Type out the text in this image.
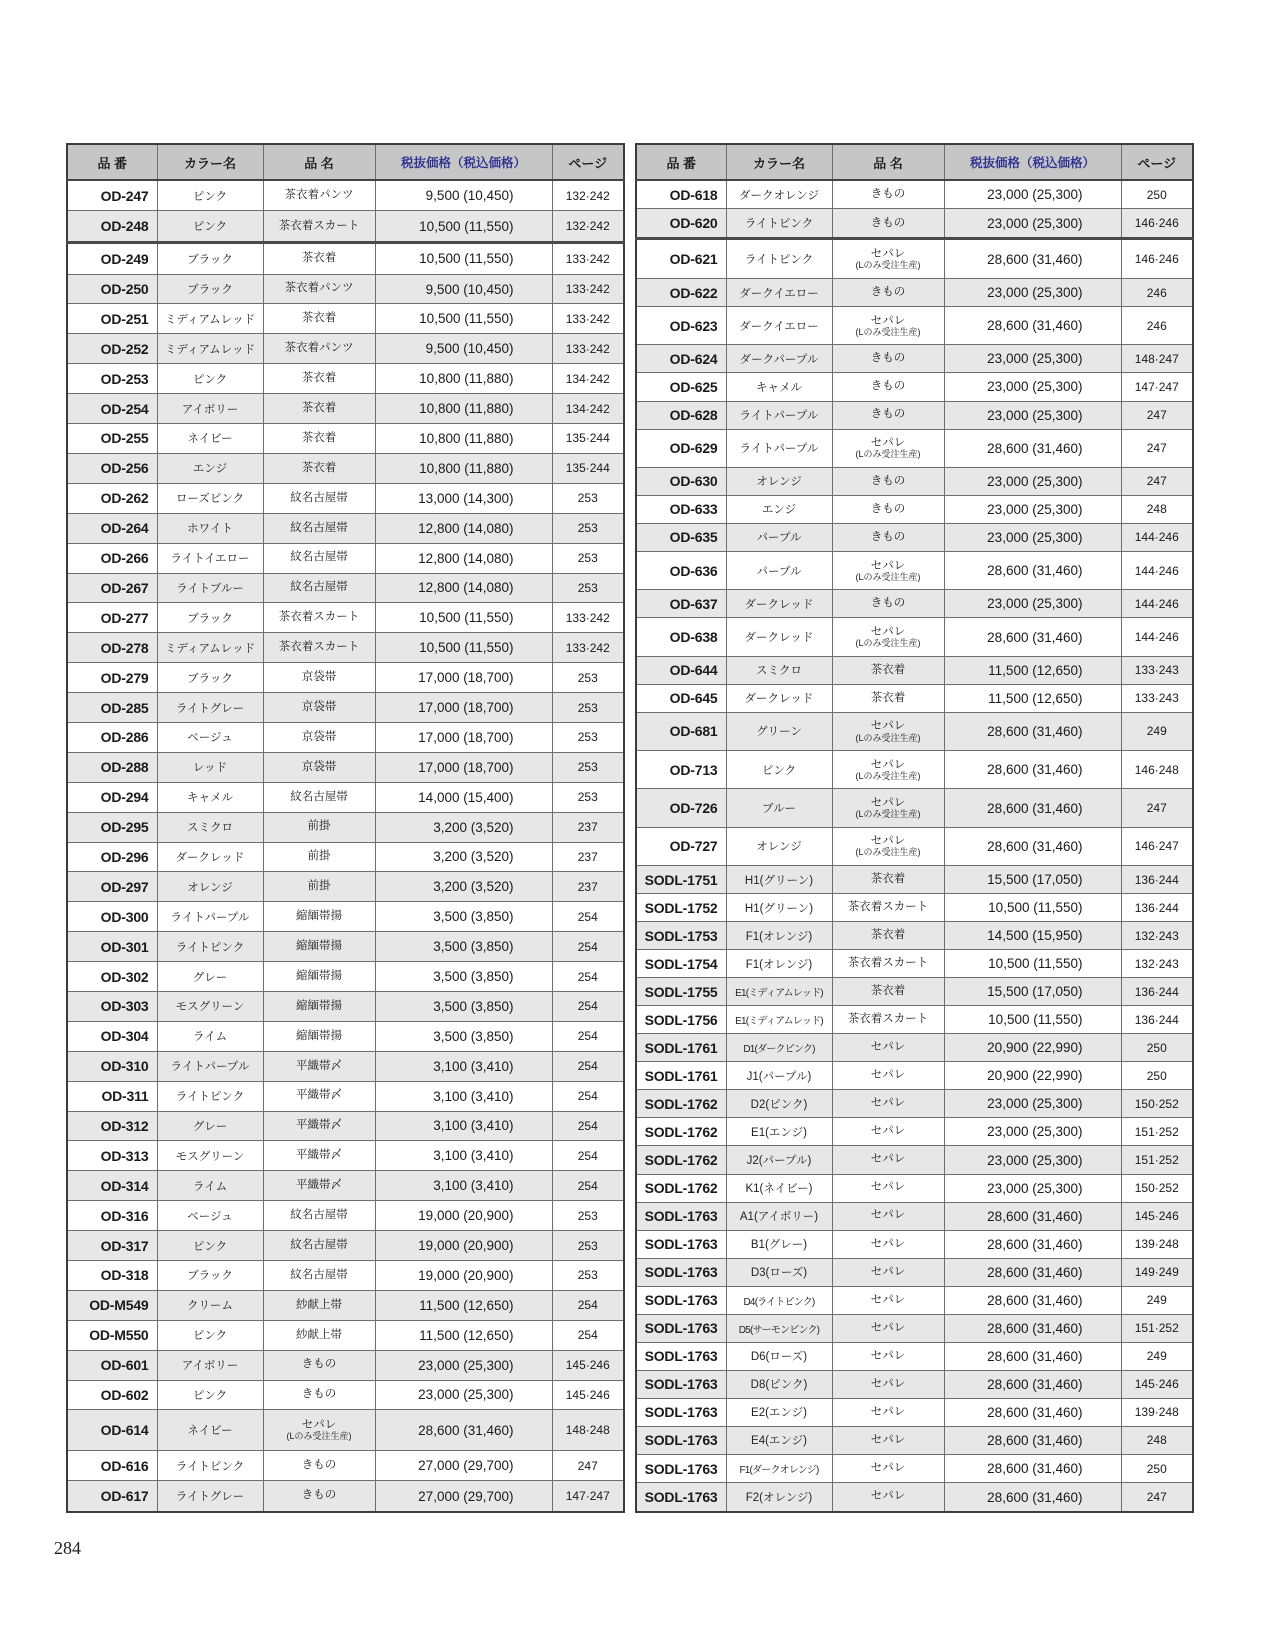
品 番	カラー名	品 名	税抜価格（税込価格）	ページ
OD-247	ピンク	茶衣着パンツ	9,500 (10,450)	132·242
OD-248	ピンク	茶衣着スカート	10,500 (11,550)	132·242
OD-249	ブラック	茶衣着	10,500 (11,550)	133·242
OD-250	ブラック	茶衣着パンツ	9,500 (10,450)	133·242
OD-251	ミディアムレッド	茶衣着	10,500 (11,550)	133·242
OD-252	ミディアムレッド	茶衣着パンツ	9,500 (10,450)	133·242
OD-253	ピンク	茶衣着	10,800 (11,880)	134·242
OD-254	アイボリー	茶衣着	10,800 (11,880)	134·242
OD-255	ネイビー	茶衣着	10,800 (11,880)	135·244
OD-256	エンジ	茶衣着	10,800 (11,880)	135·244
OD-262	ローズピンク	紋名古屋帯	13,000 (14,300)	253
OD-264	ホワイト	紋名古屋帯	12,800 (14,080)	253
OD-266	ライトイエロー	紋名古屋帯	12,800 (14,080)	253
OD-267	ライトブルー	紋名古屋帯	12,800 (14,080)	253
OD-277	ブラック	茶衣着スカート	10,500 (11,550)	133·242
OD-278	ミディアムレッド	茶衣着スカート	10,500 (11,550)	133·242
OD-279	ブラック	京袋帯	17,000 (18,700)	253
OD-285	ライトグレー	京袋帯	17,000 (18,700)	253
OD-286	ベージュ	京袋帯	17,000 (18,700)	253
OD-288	レッド	京袋帯	17,000 (18,700)	253
OD-294	キャメル	紋名古屋帯	14,000 (15,400)	253
OD-295	スミクロ	前掛	3,200 (3,520)	237
OD-296	ダークレッド	前掛	3,200 (3,520)	237
OD-297	オレンジ	前掛	3,200 (3,520)	237
OD-300	ライトパープル	縮緬帯揚	3,500 (3,850)	254
OD-301	ライトピンク	縮緬帯揚	3,500 (3,850)	254
OD-302	グレー	縮緬帯揚	3,500 (3,850)	254
OD-303	モスグリーン	縮緬帯揚	3,500 (3,850)	254
OD-304	ライム	縮緬帯揚	3,500 (3,850)	254
OD-310	ライトパープル	平織帯〆	3,100 (3,410)	254
OD-311	ライトピンク	平織帯〆	3,100 (3,410)	254
OD-312	グレー	平織帯〆	3,100 (3,410)	254
OD-313	モスグリーン	平織帯〆	3,100 (3,410)	254
OD-314	ライム	平織帯〆	3,100 (3,410)	254
OD-316	ベージュ	紋名古屋帯	19,000 (20,900)	253
OD-317	ピンク	紋名古屋帯	19,000 (20,900)	253
OD-318	ブラック	紋名古屋帯	19,000 (20,900)	253
OD-M549	クリーム	紗献上帯	11,500 (12,650)	254
OD-M550	ピンク	紗献上帯	11,500 (12,650)	254
OD-601	アイボリー	きもの	23,000 (25,300)	145·246
OD-602	ピンク	きもの	23,000 (25,300)	145·246
OD-614	ネイビー	セパレ
(Lのみ受注生産)	28,600 (31,460)	148·248
OD-616	ライトピンク	きもの	27,000 (29,700)	247
OD-617	ライトグレー	きもの	27,000 (29,700)	147·247
品 番	カラー名	品 名	税抜価格（税込価格）	ページ
OD-618	ダークオレンジ	きもの	23,000 (25,300)	250
OD-620	ライトピンク	きもの	23,000 (25,300)	146·246
OD-621	ライトピンク	セパレ
(Lのみ受注生産)	28,600 (31,460)	146·246
OD-622	ダークイエロー	きもの	23,000 (25,300)	246
OD-623	ダークイエロー	セパレ
(Lのみ受注生産)	28,600 (31,460)	246
OD-624	ダークパープル	きもの	23,000 (25,300)	148·247
OD-625	キャメル	きもの	23,000 (25,300)	147·247
OD-628	ライトパープル	きもの	23,000 (25,300)	247
OD-629	ライトパープル	セパレ
(Lのみ受注生産)	28,600 (31,460)	247
OD-630	オレンジ	きもの	23,000 (25,300)	247
OD-633	エンジ	きもの	23,000 (25,300)	248
OD-635	パープル	きもの	23,000 (25,300)	144·246
OD-636	パープル	セパレ
(Lのみ受注生産)	28,600 (31,460)	144·246
OD-637	ダークレッド	きもの	23,000 (25,300)	144·246
OD-638	ダークレッド	セパレ
(Lのみ受注生産)	28,600 (31,460)	144·246
OD-644	スミクロ	茶衣着	11,500 (12,650)	133·243
OD-645	ダークレッド	茶衣着	11,500 (12,650)	133·243
OD-681	グリーン	セパレ
(Lのみ受注生産)	28,600 (31,460)	249
OD-713	ピンク	セパレ
(Lのみ受注生産)	28,600 (31,460)	146·248
OD-726	ブルー	セパレ
(Lのみ受注生産)	28,600 (31,460)	247
OD-727	オレンジ	セパレ
(Lのみ受注生産)	28,600 (31,460)	146·247
SODL-1751	H1(グリーン)	茶衣着	15,500 (17,050)	136·244
SODL-1752	H1(グリーン)	茶衣着スカート	10,500 (11,550)	136·244
SODL-1753	F1(オレンジ)	茶衣着	14,500 (15,950)	132·243
SODL-1754	F1(オレンジ)	茶衣着スカート	10,500 (11,550)	132·243
SODL-1755	E1(ミディアムレッド)	茶衣着	15,500 (17,050)	136·244
SODL-1756	E1(ミディアムレッド)	茶衣着スカート	10,500 (11,550)	136·244
SODL-1761	D1(ダークピンク)	セパレ	20,900 (22,990)	250
SODL-1761	J1(パープル)	セパレ	20,900 (22,990)	250
SODL-1762	D2(ピンク)	セパレ	23,000 (25,300)	150·252
SODL-1762	E1(エンジ)	セパレ	23,000 (25,300)	151·252
SODL-1762	J2(パープル)	セパレ	23,000 (25,300)	151·252
SODL-1762	K1(ネイビー)	セパレ	23,000 (25,300)	150·252
SODL-1763	A1(アイボリー)	セパレ	28,600 (31,460)	145·246
SODL-1763	B1(グレー)	セパレ	28,600 (31,460)	139·248
SODL-1763	D3(ローズ)	セパレ	28,600 (31,460)	149·249
SODL-1763	D4(ライトピンク)	セパレ	28,600 (31,460)	249
SODL-1763	D5(サーモンピンク)	セパレ	28,600 (31,460)	151·252
SODL-1763	D6(ローズ)	セパレ	28,600 (31,460)	249
SODL-1763	D8(ピンク)	セパレ	28,600 (31,460)	145·246
SODL-1763	E2(エンジ)	セパレ	28,600 (31,460)	139·248
SODL-1763	E4(エンジ)	セパレ	28,600 (31,460)	248
SODL-1763	F1(ダークオレンジ)	セパレ	28,600 (31,460)	250
SODL-1763	F2(オレンジ)	セパレ	28,600 (31,460)	247
284
